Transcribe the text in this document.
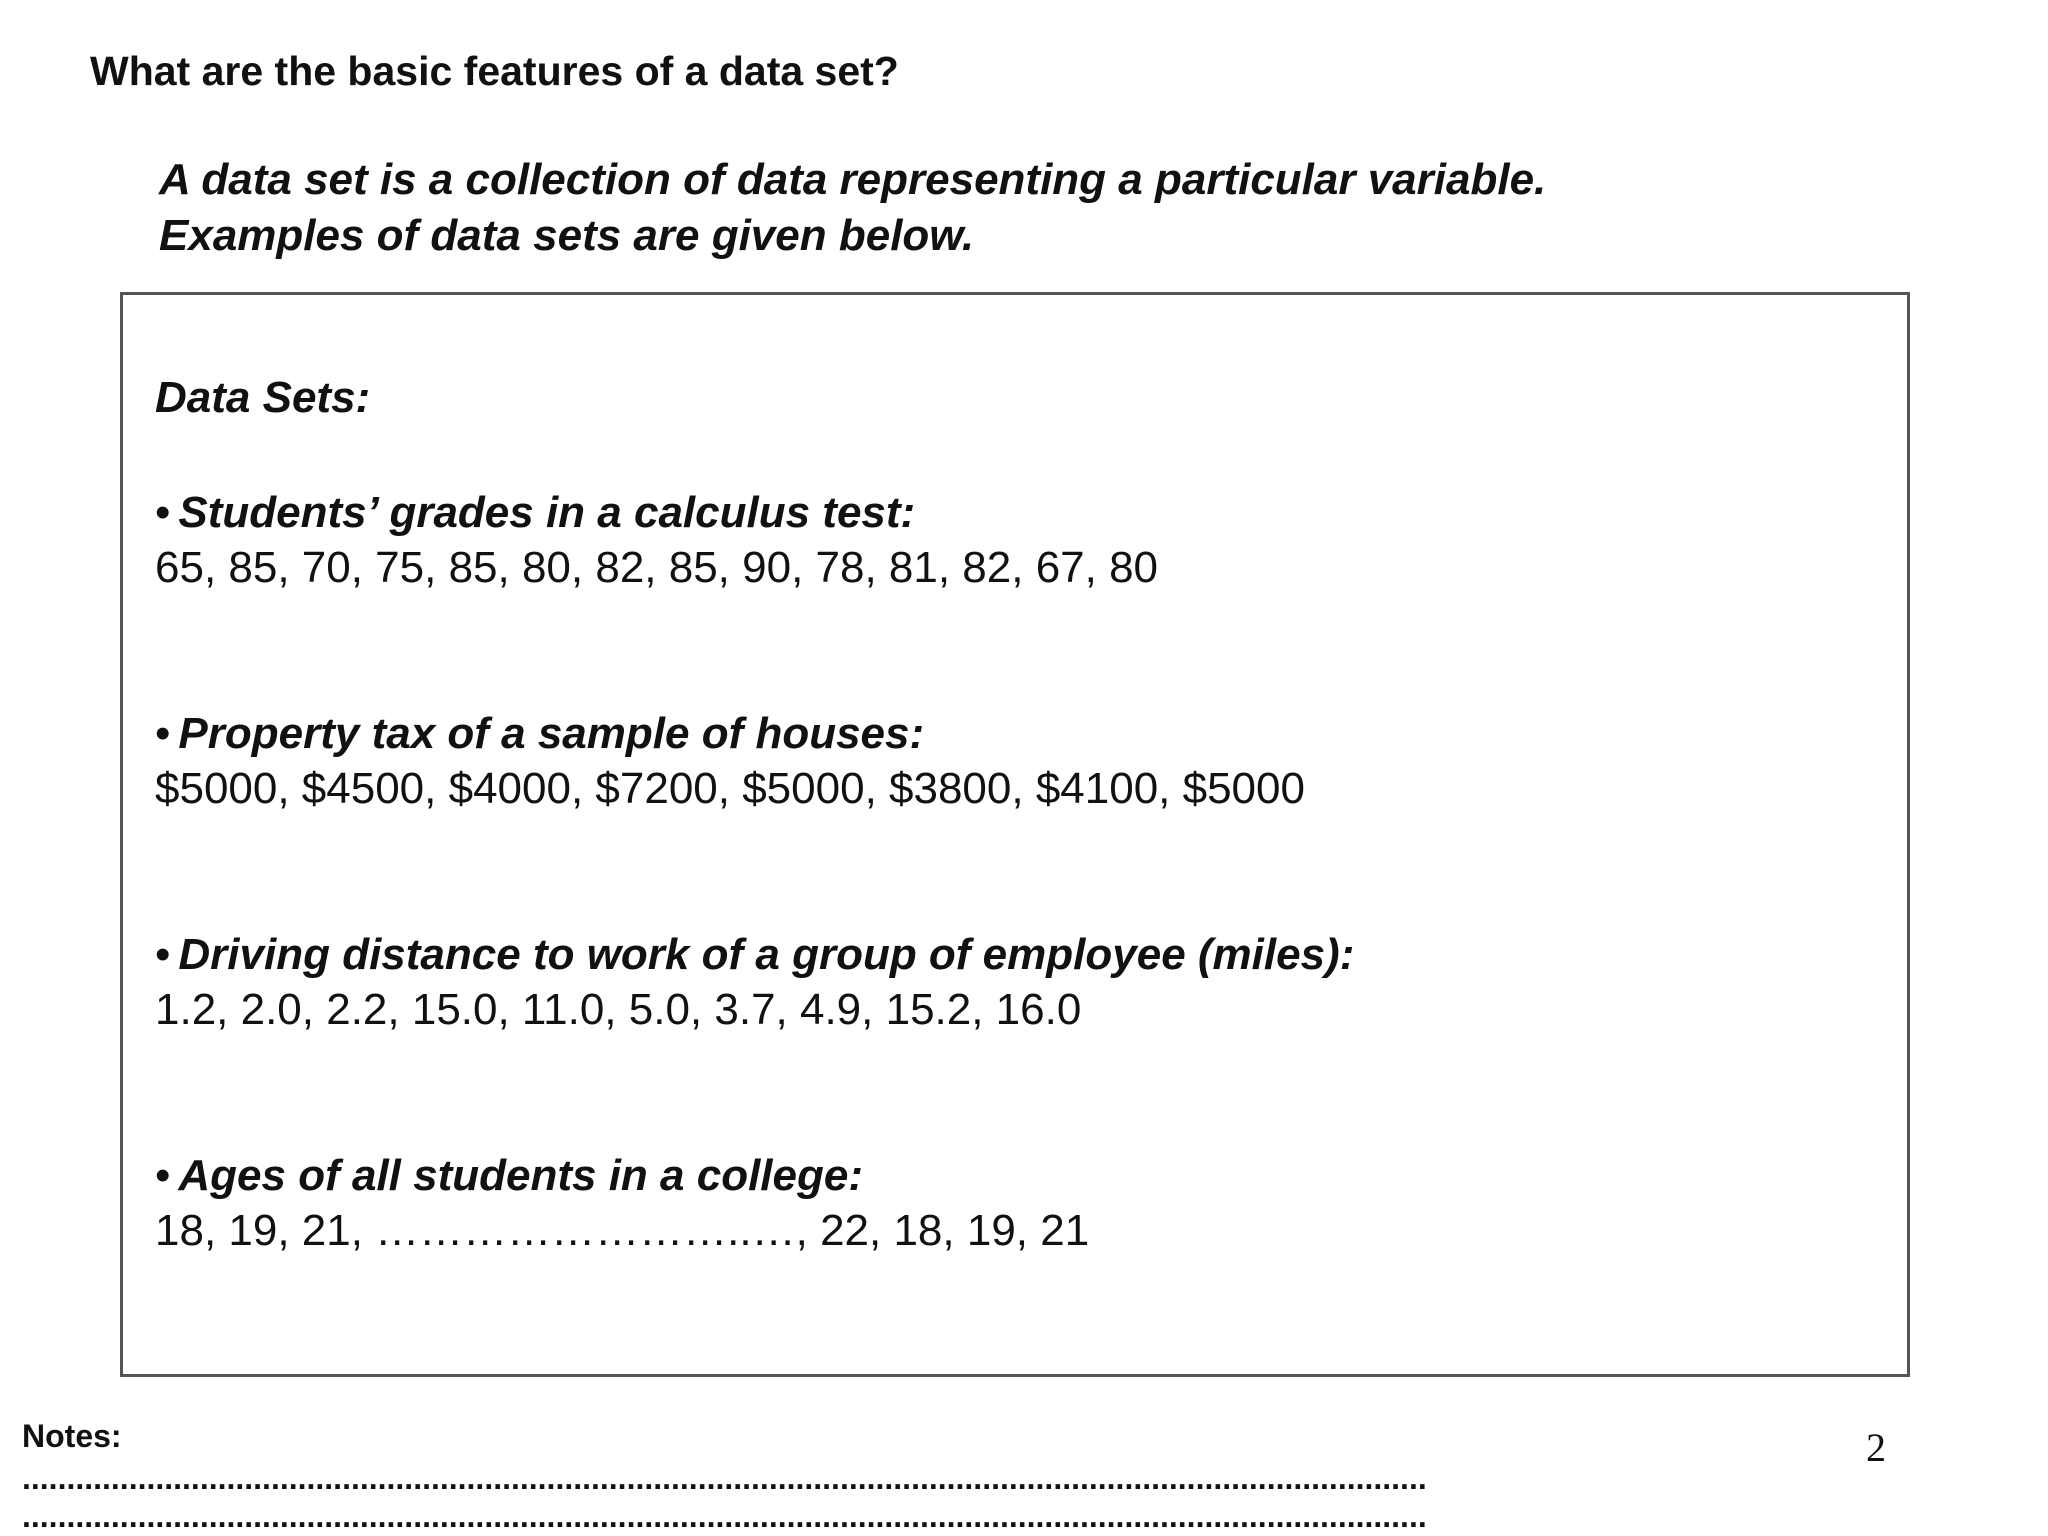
What are the basic features of a data set?
A data set is a collection of data representing a particular variable.
Examples of data sets are given below.
Data Sets:
• Students’ grades in a calculus test:
65, 85, 70, 75, 85, 80, 82, 85, 90, 78, 81, 82, 67, 80
• Property tax of a sample of houses:
$5000, $4500, $4000, $7200, $5000, $3800, $4100, $5000
• Driving distance to work of a group of employee (miles):
1.2, 2.0, 2.2, 15.0, 11.0, 5.0, 3.7, 4.9, 15.2, 16.0
• Ages of all students in a college:
18, 19, 21, ……………………..…, 22, 18, 19, 21
Notes:
..............................................................................................................................................................
..............................................................................................................................................................
2
